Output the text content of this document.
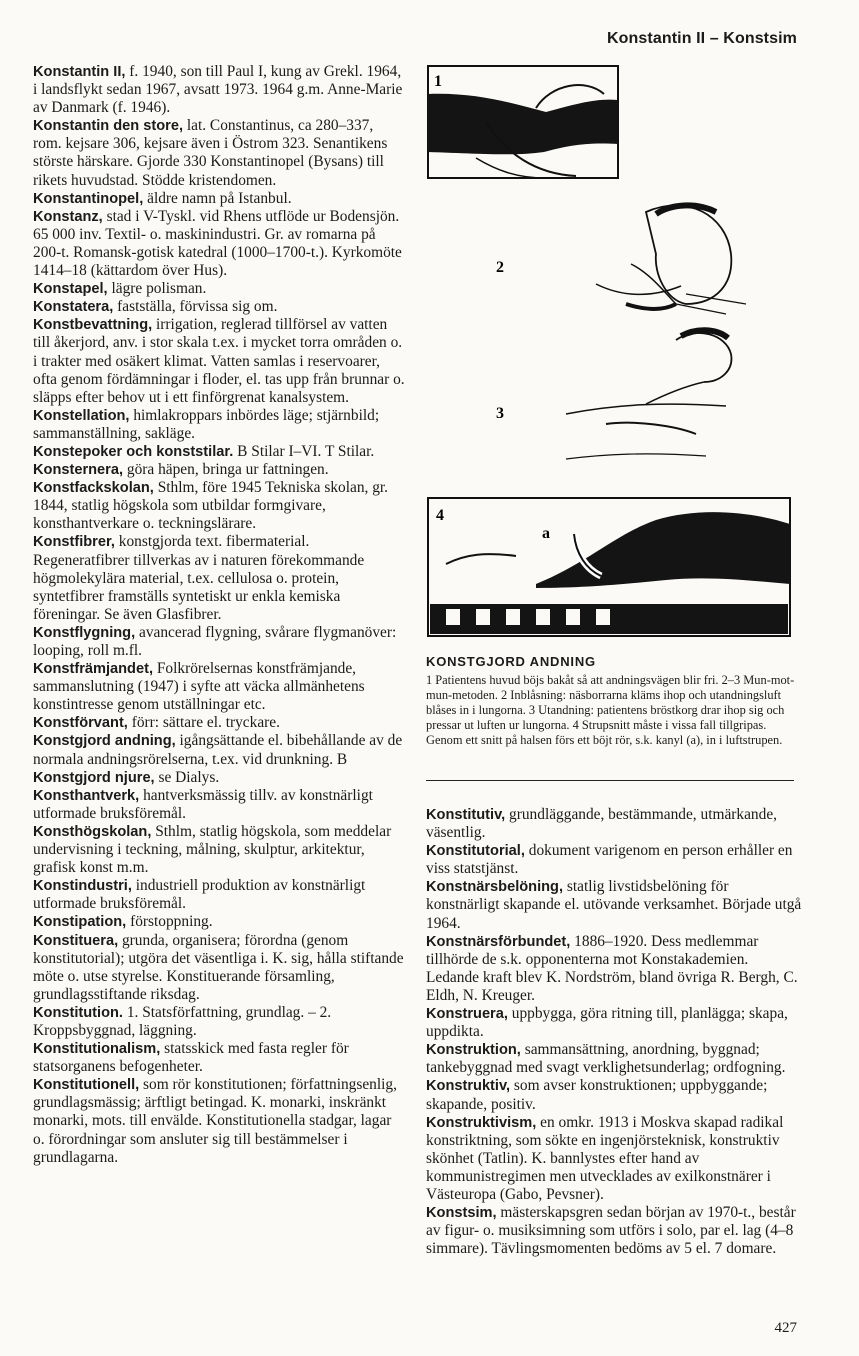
Konstantin II – Konstsim

Konstantin II, f. 1940, son till Paul I, kung av Grekl. 1964, i landsflykt sedan 1967, avsatt 1973. 1964 g.m. Anne-Marie av Danmark (f. 1946).

Konstantin den store, lat. Constantinus, ca 280–337, rom. kejsare 306, kejsare även i Östrom 323. Senantikens störste härskare. Gjorde 330 Konstantinopel (Bysans) till rikets huvudstad. Stödde kristendomen.

Konstantinopel, äldre namn på Istanbul.

Konstanz, stad i V-Tyskl. vid Rhens utflöde ur Bodensjön. 65 000 inv. Textil- o. maskinindustri. Gr. av romarna på 200-t. Romansk-gotisk katedral (1000–1700-t.). Kyrkomöte 1414–18 (kättardom över Hus).

Konstapel, lägre polisman.

Konstatera, fastställa, förvissa sig om.

Konstbevattning, irrigation, reglerad tillförsel av vatten till åkerjord, anv. i stor skala t.ex. i mycket torra områden o. i trakter med osäkert klimat. Vatten samlas i reservoarer, ofta genom fördämningar i floder, el. tas upp från brunnar o. släpps efter behov ut i ett finförgrenat kanalsystem.

Konstellation, himlakroppars inbördes läge; stjärnbild; sammanställning, sakläge.

Konstepoker och konststilar. B Stilar I–VI. T Stilar.

Konsternera, göra häpen, bringa ur fattningen.

Konstfackskolan, Sthlm, före 1945 Tekniska skolan, gr. 1844, statlig högskola som utbildar formgivare, konsthantverkare o. teckningslärare.

Konstfibrer, konstgjorda text. fibermaterial. Regeneratfibrer tillverkas av i naturen förekommande högmolekylära material, t.ex. cellulosa o. protein, syntetfibrer framställs syntetiskt ur enkla kemiska föreningar. Se även Glasfibrer.

Konstflygning, avancerad flygning, svårare flygmanöver: looping, roll m.fl.

Konstfrämjandet, Folkrörelsernas konstfrämjande, sammanslutning (1947) i syfte att väcka allmänhetens konstintresse genom utställningar etc.

Konstförvant, förr: sättare el. tryckare.

Konstgjord andning, igångsättande el. bibehållande av de normala andningsrörelserna, t.ex. vid drunkning. B

Konstgjord njure, se Dialys.

Konsthantverk, hantverksmässig tillv. av konstnärligt utformade bruksföremål.

Konsthögskolan, Sthlm, statlig högskola, som meddelar undervisning i teckning, målning, skulptur, arkitektur, grafisk konst m.m.

Konstindustri, industriell produktion av konstnärligt utformade bruksföremål.

Konstipation, förstoppning.

Konstituera, grunda, organisera; förordna (genom konstitutorial); utgöra det väsentliga i. K. sig, hålla stiftande möte o. utse styrelse. Konstituerande församling, grundlagsstiftande riksdag.

Konstitution. 1. Statsförfattning, grundlag. – 2. Kroppsbyggnad, läggning.

Konstitutionalism, statsskick med fasta regler för statsorganens befogenheter.

Konstitutionell, som rör konstitutionen; författningsenlig, grundlagsmässig; ärftligt betingad. K. monarki, inskränkt monarki, mots. till envälde. Konstitutionella stadgar, lagar o. förordningar som ansluter sig till bestämmelser i grundlagarna.

1
2
3
4
a
KONSTGJORD ANDNING
1 Patientens huvud böjs bakåt så att andningsvägen blir fri. 2–3 Mun-mot-mun-metoden. 2 Inblåsning: näsborrarna kläms ihop och utandningsluft blåses in i lungorna. 3 Utandning: patientens bröstkorg drar ihop sig och pressar ut luften ur lungorna. 4 Strupsnitt måste i vissa fall tillgripas. Genom ett snitt på halsen förs ett böjt rör, s.k. kanyl (a), in i luftstrupen.

Konstitutiv, grundläggande, bestämmande, utmärkande, väsentlig.

Konstitutorial, dokument varigenom en person erhåller en viss statstjänst.

Konstnärsbelöning, statlig livstidsbelöning för konstnärligt skapande el. utövande verksamhet. Började utgå 1964.

Konstnärsförbundet, 1886–1920. Dess medlemmar tillhörde de s.k. opponenterna mot Konstakademien. Ledande kraft blev K. Nordström, bland övriga R. Bergh, C. Eldh, N. Kreuger.

Konstruera, uppbygga, göra ritning till, planlägga; skapa, uppdikta.

Konstruktion, sammansättning, anordning, byggnad; tankebyggnad med svagt verklighetsunderlag; ordfogning.

Konstruktiv, som avser konstruktionen; uppbyggande; skapande, positiv.

Konstruktivism, en omkr. 1913 i Moskva skapad radikal konstriktning, som sökte en ingenjörsteknisk, konstruktiv skönhet (Tatlin). K. bannlystes efter hand av kommunistregimen men utvecklades av exilkonstnärer i Västeuropa (Gabo, Pevsner).

Konstsim, mästerskapsgren sedan början av 1970-t., består av figur- o. musiksimning som utförs i solo, par el. lag (4–8 simmare). Tävlingsmomenten bedöms av 5 el. 7 domare.

427
